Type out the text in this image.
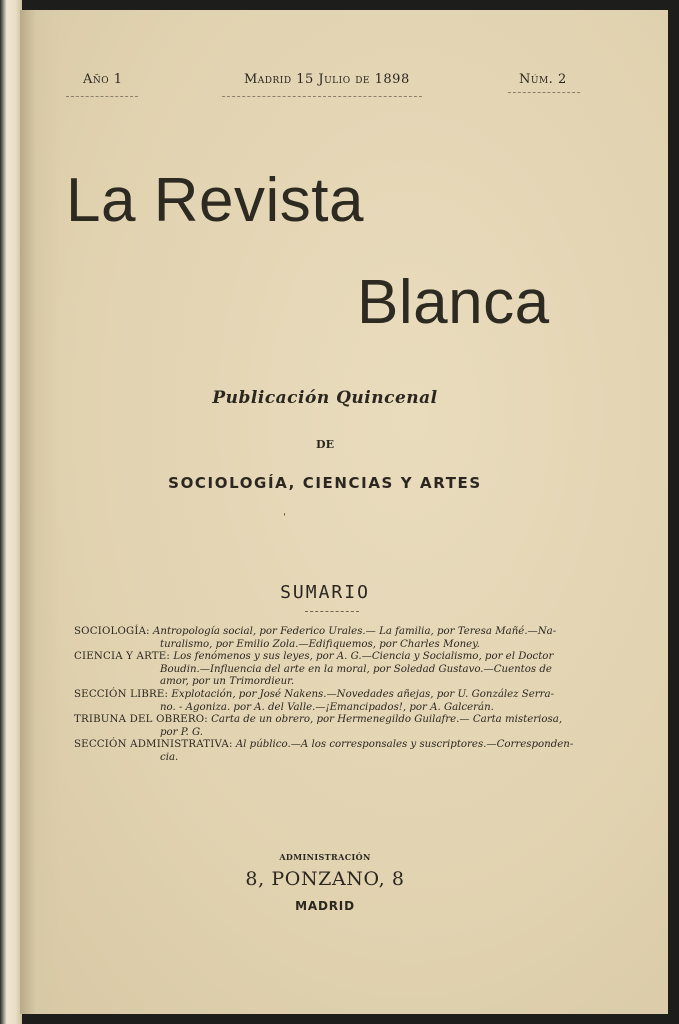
Año 1	Madrid 15 Julio de 1898	Núm. 2
La Revista
Blanca
Publicación Quincenal
DE
SOCIOLOGÍA, CIENCIAS Y ARTES
ˈ
SUMARIO

SOCIOLOGÍA: Antropología social, por Federico Urales.— La familia, por Teresa Mañé.—Na-
turalismo, por Emilio Zola.—Edifiquemos, por Charles Money.

CIENCIA Y ARTE: Los fenómenos y sus leyes, por A. G.—Ciencia y Socialismo, por el Doctor
Boudin.—Influencia del arte en la moral, por Soledad Gustavo.—Cuentos de
amor, por un Trimordieur.

SECCIÓN LIBRE: Explotación, por José Nakens.—Novedades añejas, por U. González Serra-
no. - Agoniza. por A. del Valle.—¡Emancipados!, por A. Galcerán.

TRIBUNA DEL OBRERO: Carta de un obrero, por Hermenegildo Guilafre.— Carta misteriosa,
por P. G.

SECCIÓN ADMINISTRATIVA: Al público.—A los corresponsales y suscriptores.—Corresponden-
cia.

ADMINISTRACIÓN
8, PONZANO, 8
MADRID
